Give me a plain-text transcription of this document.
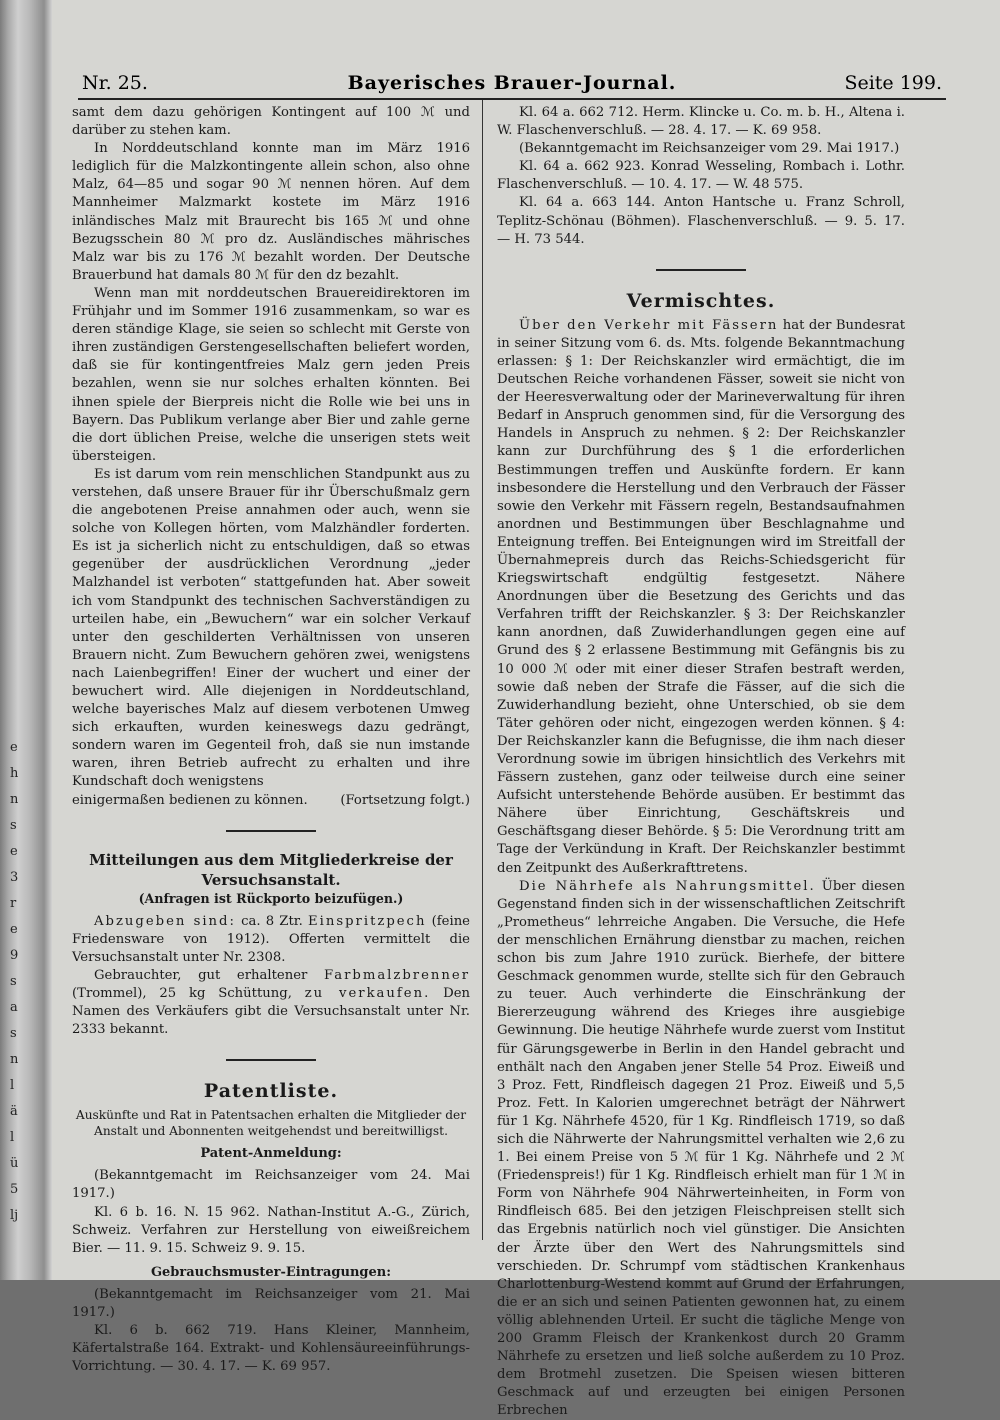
e
h
n
s
e
3
r
e
9
s
a
s
n
l
ä
l
ü
5
lj
Nr. 25.	Bayerisches Brauer-Journal.	Seite 199.

samt dem dazu gehörigen Kontingent auf 100 ℳ und darüber zu stehen kam.

In Norddeutschland konnte man im März 1916 lediglich für die Malzkontingente allein schon, also ohne Malz, 64—85 und sogar 90 ℳ nennen hören. Auf dem Mannheimer Malzmarkt kostete im März 1916 inländisches Malz mit Braurecht bis 165 ℳ und ohne Bezugsschein 80 ℳ pro dz. Ausländisches mährisches Malz war bis zu 176 ℳ bezahlt worden. Der Deutsche Brauerbund hat damals 80 ℳ für den dz bezahlt.

Wenn man mit norddeutschen Brauereidirektoren im Frühjahr und im Sommer 1916 zusammenkam, so war es deren ständige Klage, sie seien so schlecht mit Gerste von ihren zuständigen Gerstengesellschaften beliefert worden, daß sie für kontingentfreies Malz gern jeden Preis bezahlen, wenn sie nur solches erhalten könnten. Bei ihnen spiele der Bierpreis nicht die Rolle wie bei uns in Bayern. Das Publikum verlange aber Bier und zahle gerne die dort üblichen Preise, welche die unserigen stets weit übersteigen.

Es ist darum vom rein menschlichen Standpunkt aus zu verstehen, daß unsere Brauer für ihr Überschußmalz gern die angebotenen Preise annahmen oder auch, wenn sie solche von Kollegen hörten, vom Malzhändler forderten. Es ist ja sicherlich nicht zu entschuldigen, daß so etwas gegenüber der ausdrücklichen Verordnung „jeder Malzhandel ist verboten“ stattgefunden hat. Aber soweit ich vom Standpunkt des technischen Sachverständigen zu urteilen habe, ein „Bewuchern“ war ein solcher Verkauf unter den geschilderten Verhältnissen von unseren Brauern nicht. Zum Bewuchern gehören zwei, wenigstens nach Laienbegriffen! Einer der wuchert und einer der bewuchert wird. Alle diejenigen in Norddeutschland, welche bayerisches Malz auf diesem verbotenen Umweg sich erkauften, wurden keineswegs dazu gedrängt, sondern waren im Gegenteil froh, daß sie nun imstande waren, ihren Betrieb aufrecht zu erhalten und ihre Kundschaft doch wenigstens

einigermaßen bedienen zu können. (Fortsetzung folgt.)
Mitteilungen aus dem Mitgliederkreise der Versuchsanstalt.
(Anfragen ist Rückporto beizufügen.)

Abzugeben sind: ca. 8 Ztr. Einspritzpech (feine Friedensware von 1912). Offerten vermittelt die Versuchsanstalt unter Nr. 2308.

Gebrauchter, gut erhaltener Farbmalzbrenner (Trommel), 25 kg Schüttung, zu verkaufen. Den Namen des Verkäufers gibt die Versuchsanstalt unter Nr. 2333 bekannt.

Patentliste.
Auskünfte und Rat in Patentsachen erhalten die Mitglieder der Anstalt und Abonnenten weitgehendst und bereitwilligst.
Patent-Anmeldung:

(Bekanntgemacht im Reichsanzeiger vom 24. Mai 1917.)

Kl. 6 b. 16. N. 15 962. Nathan-Institut A.-G., Zürich, Schweiz. Verfahren zur Herstellung von eiweißreichem Bier. — 11. 9. 15. Schweiz 9. 9. 15.

Gebrauchsmuster-Eintragungen:

(Bekanntgemacht im Reichsanzeiger vom 21. Mai 1917.)

Kl. 6 b. 662 719. Hans Kleiner, Mannheim, Käfertalstraße 164. Extrakt- und Kohlensäureeinführungs-Vorrichtung. — 30. 4. 17. — K. 69 957.

Kl. 64 a. 662 712. Herm. Klincke u. Co. m. b. H., Altena i. W. Flaschenverschluß. — 28. 4. 17. — K. 69 958.

(Bekanntgemacht im Reichsanzeiger vom 29. Mai 1917.)

Kl. 64 a. 662 923. Konrad Wesseling, Rombach i. Lothr. Flaschenverschluß. — 10. 4. 17. — W. 48 575.

Kl. 64 a. 663 144. Anton Hantsche u. Franz Schroll, Teplitz-Schönau (Böhmen). Flaschenverschluß. — 9. 5. 17. — H. 73 544.

Vermischtes.

Über den Verkehr mit Fässern hat der Bundesrat in seiner Sitzung vom 6. ds. Mts. folgende Bekanntmachung erlassen: § 1: Der Reichskanzler wird ermächtigt, die im Deutschen Reiche vorhandenen Fässer, soweit sie nicht von der Heeresverwaltung oder der Marineverwaltung für ihren Bedarf in Anspruch genommen sind, für die Versorgung des Handels in Anspruch zu nehmen. § 2: Der Reichskanzler kann zur Durchführung des § 1 die erforderlichen Bestimmungen treffen und Auskünfte fordern. Er kann insbesondere die Herstellung und den Verbrauch der Fässer sowie den Verkehr mit Fässern regeln, Bestandsaufnahmen anordnen und Bestimmungen über Beschlagnahme und Enteignung treffen. Bei Enteignungen wird im Streitfall der Übernahmepreis durch das Reichs-Schiedsgericht für Kriegswirtschaft endgültig festgesetzt. Nähere Anordnungen über die Besetzung des Gerichts und das Verfahren trifft der Reichskanzler. § 3: Der Reichskanzler kann anordnen, daß Zuwiderhandlungen gegen eine auf Grund des § 2 erlassene Bestimmung mit Gefängnis bis zu 10 000 ℳ oder mit einer dieser Strafen bestraft werden, sowie daß neben der Strafe die Fässer, auf die sich die Zuwiderhandlung bezieht, ohne Unterschied, ob sie dem Täter gehören oder nicht, eingezogen werden können. § 4: Der Reichskanzler kann die Befugnisse, die ihm nach dieser Verordnung sowie im übrigen hinsichtlich des Verkehrs mit Fässern zustehen, ganz oder teilweise durch eine seiner Aufsicht unterstehende Behörde ausüben. Er bestimmt das Nähere über Einrichtung, Geschäftskreis und Geschäftsgang dieser Behörde. § 5: Die Verordnung tritt am Tage der Verkündung in Kraft. Der Reichskanzler bestimmt den Zeitpunkt des Außerkrafttretens.

Die Nährhefe als Nahrungsmittel. Über diesen Gegenstand finden sich in der wissenschaftlichen Zeitschrift „Prometheus“ lehrreiche Angaben. Die Versuche, die Hefe der menschlichen Ernährung dienstbar zu machen, reichen schon bis zum Jahre 1910 zurück. Bierhefe, der bittere Geschmack genommen wurde, stellte sich für den Gebrauch zu teuer. Auch verhinderte die Einschränkung der Biererzeugung während des Krieges ihre ausgiebige Gewinnung. Die heutige Nährhefe wurde zuerst vom Institut für Gärungsgewerbe in Berlin in den Handel gebracht und enthält nach den Angaben jener Stelle 54 Proz. Eiweiß und 3 Proz. Fett, Rindfleisch dagegen 21 Proz. Eiweiß und 5,5 Proz. Fett. In Kalorien umgerechnet beträgt der Nährwert für 1 Kg. Nährhefe 4520, für 1 Kg. Rindfleisch 1719, so daß sich die Nährwerte der Nahrungsmittel verhalten wie 2,6 zu 1. Bei einem Preise von 5 ℳ für 1 Kg. Nährhefe und 2 ℳ (Friedenspreis!) für 1 Kg. Rindfleisch erhielt man für 1 ℳ in Form von Nährhefe 904 Nährwerteinheiten, in Form von Rindfleisch 685. Bei den jetzigen Fleischpreisen stellt sich das Ergebnis natürlich noch viel günstiger. Die Ansichten der Ärzte über den Wert des Nahrungsmittels sind verschieden. Dr. Schrumpf vom städtischen Krankenhaus Charlottenburg-Westend kommt auf Grund der Erfahrungen, die er an sich und seinen Patienten gewonnen hat, zu einem völlig ablehnenden Urteil. Er sucht die tägliche Menge von 200 Gramm Fleisch der Krankenkost durch 20 Gramm Nährhefe zu ersetzen und ließ solche außerdem zu 10 Proz. dem Brotmehl zusetzen. Die Speisen wiesen bitteren Geschmack auf und erzeugten bei einigen Personen Erbrechen
